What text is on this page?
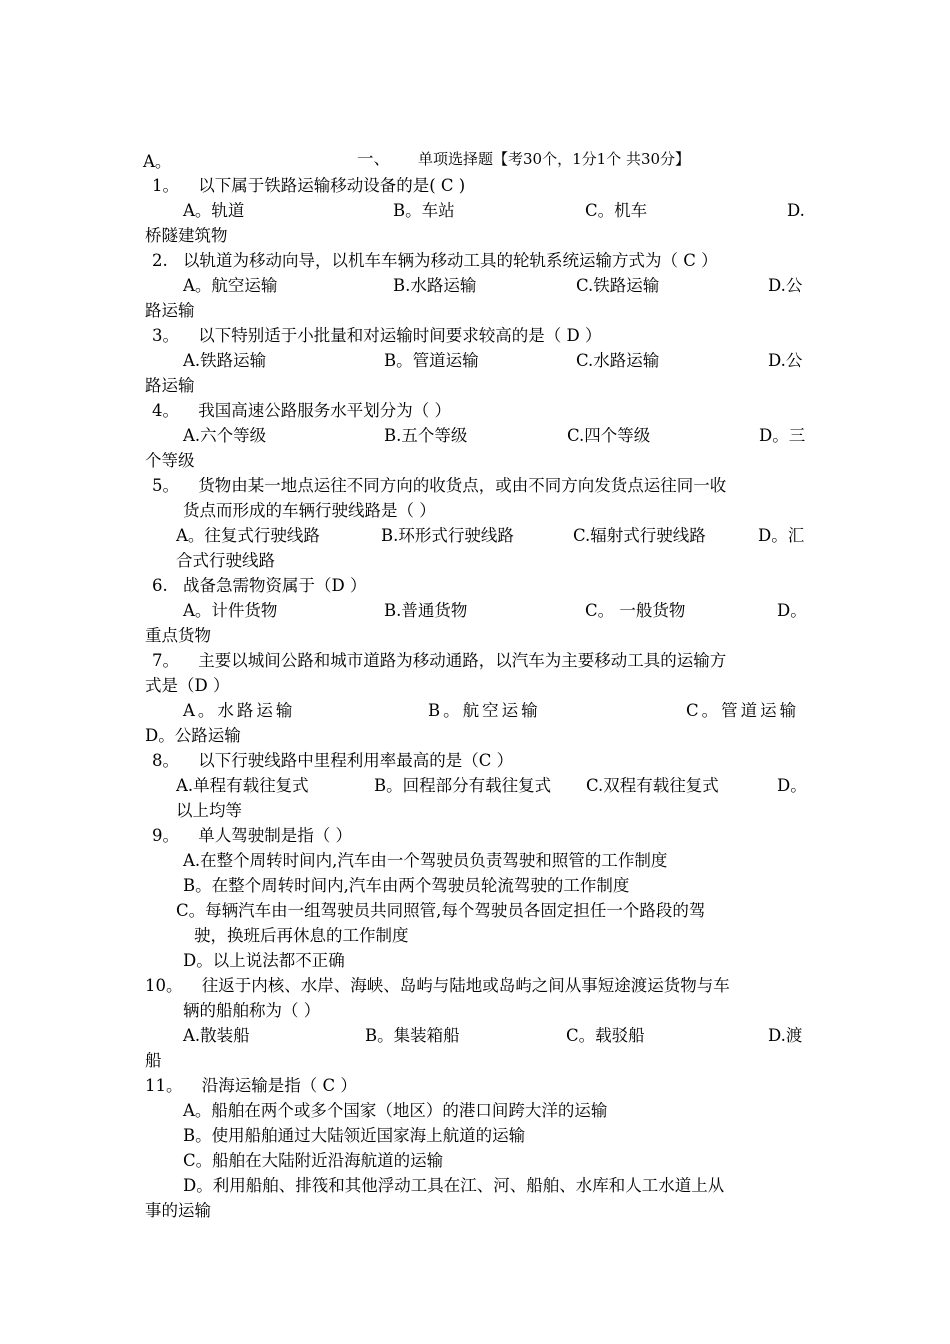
A。	一、 单项选择题【考30个，1分1个 共30分】
1。 以下属于铁路运输移动设备的是( C )
A。轨道	B。车站	C。机车	D.
桥隧建筑物
2. 以轨道为移动向导，以机车车辆为移动工具的轮轨系统运输方式为（ C ）
A。航空运输	B.水路运输	C.铁路运输	D.公
路运输
3。 以下特别适于小批量和对运输时间要求较高的是（ D ）
A.铁路运输	B。管道运输	C.水路运输	D.公
路运输
4。 我国高速公路服务水平划分为（ ）
A.六个等级	B.五个等级	C.四个等级	D。三
个等级
5。 货物由某一地点运往不同方向的收货点，或由不同方向发货点运往同一收
货点而形成的车辆行驶线路是（ ）
A。往复式行驶线路	B.环形式行驶线路	C.辐射式行驶线路	D。汇
合式行驶线路
6. 战备急需物资属于（D ）
A。计件货物	B.普通货物	C。 一般货物	D。
重点货物
7。 主要以城间公路和城市道路为移动通路，以汽车为主要移动工具的运输方
式是（D ）
A。水路运输	B。航空运输	C。管道运输
D。公路运输
8。 以下行驶线路中里程利用率最高的是（C ）
A.单程有载往复式	B。回程部分有载往复式 C.双程有载往复式	D。
以上均等
9。 单人驾驶制是指（ ）
A.在整个周转时间内,汽车由一个驾驶员负责驾驶和照管的工作制度
B。在整个周转时间内,汽车由两个驾驶员轮流驾驶的工作制度
C。每辆汽车由一组驾驶员共同照管,每个驾驶员各固定担任一个路段的驾
驶，换班后再休息的工作制度
D。以上说法都不正确
10。 往返于内核、水岸、海峡、岛屿与陆地或岛屿之间从事短途渡运货物与车
辆的船舶称为（ ）
A.散装船	B。集装箱船	C。载驳船	D.渡
船
11。 沿海运输是指（ C ）
A。船舶在两个或多个国家（地区）的港口间跨大洋的运输
B。使用船舶通过大陆领近国家海上航道的运输
C。船舶在大陆附近沿海航道的运输
D。利用船舶、排筏和其他浮动工具在江、河、船舶、水库和人工水道上从
事的运输
